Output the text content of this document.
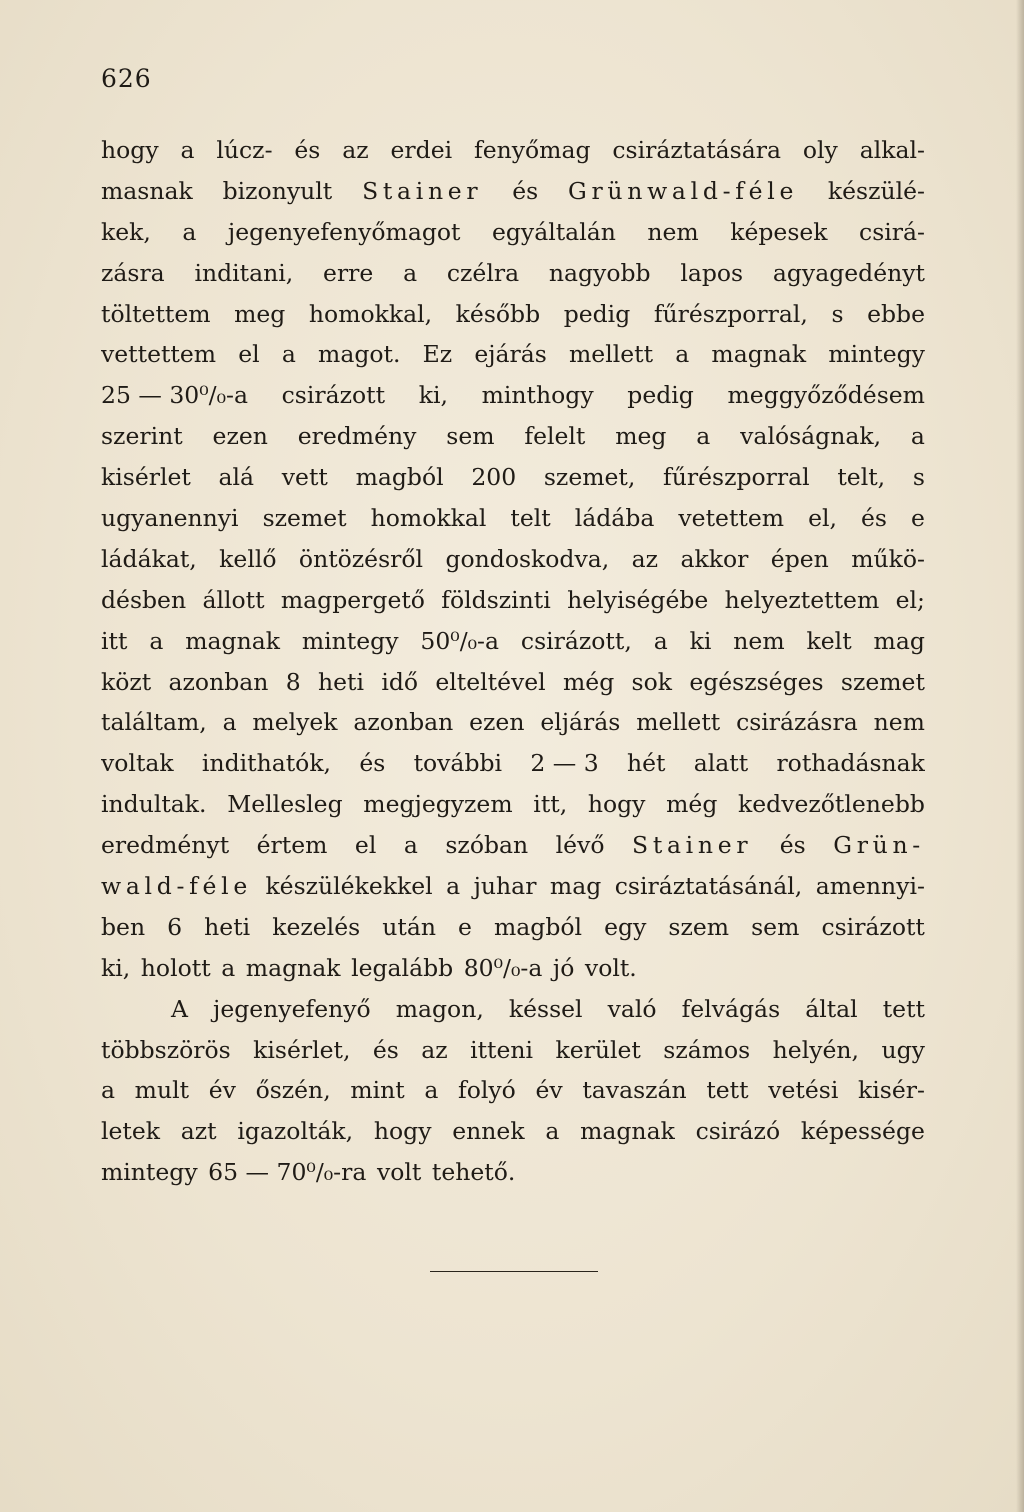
626
hogy a lúcz- és az erdei fenyőmag csiráztatására oly alkal-
masnak bizonyult Stainer és Grünwald-féle készülé-
kek, a jegenyefenyőmagot egyáltalán nem képesek csirá-
zásra inditani, erre a czélra nagyobb lapos agyagedényt
töltettem meg homokkal, később pedig fűrészporral, s ebbe
vettettem el a magot. Ez ejárás mellett a magnak mintegy
25 — 30⁰/₀-a csirázott ki, minthogy pedig meggyőződésem
szerint ezen eredmény sem felelt meg a valóságnak, a
kisérlet alá vett magból 200 szemet, fűrészporral telt, s
ugyanennyi szemet homokkal telt ládába vetettem el, és e
ládákat, kellő öntözésről gondoskodva, az akkor épen műkö-
désben állott magpergető földszinti helyiségébe helyeztettem el;
itt a magnak mintegy 50⁰/₀-a csirázott, a ki nem kelt mag
közt azonban 8 heti idő elteltével még sok egészséges szemet
találtam, a melyek azonban ezen eljárás mellett csirázásra nem
voltak indithatók, és további 2 — 3 hét alatt rothadásnak
indultak. Mellesleg megjegyzem itt, hogy még kedvezőtlenebb
eredményt értem el a szóban lévő Stainer és Grün-
wald-féle készülékekkel a juhar mag csiráztatásánál, amennyi-
ben 6 heti kezelés után e magból egy szem sem csirázott
ki, holott a magnak legalább 80⁰/₀-a jó volt.
A jegenyefenyő magon, késsel való felvágás által tett
többszörös kisérlet, és az itteni kerület számos helyén, ugy
a mult év őszén, mint a folyó év tavaszán tett vetési kisér-
letek azt igazolták, hogy ennek a magnak csirázó képessége
mintegy 65 — 70⁰/₀-ra volt tehető.
